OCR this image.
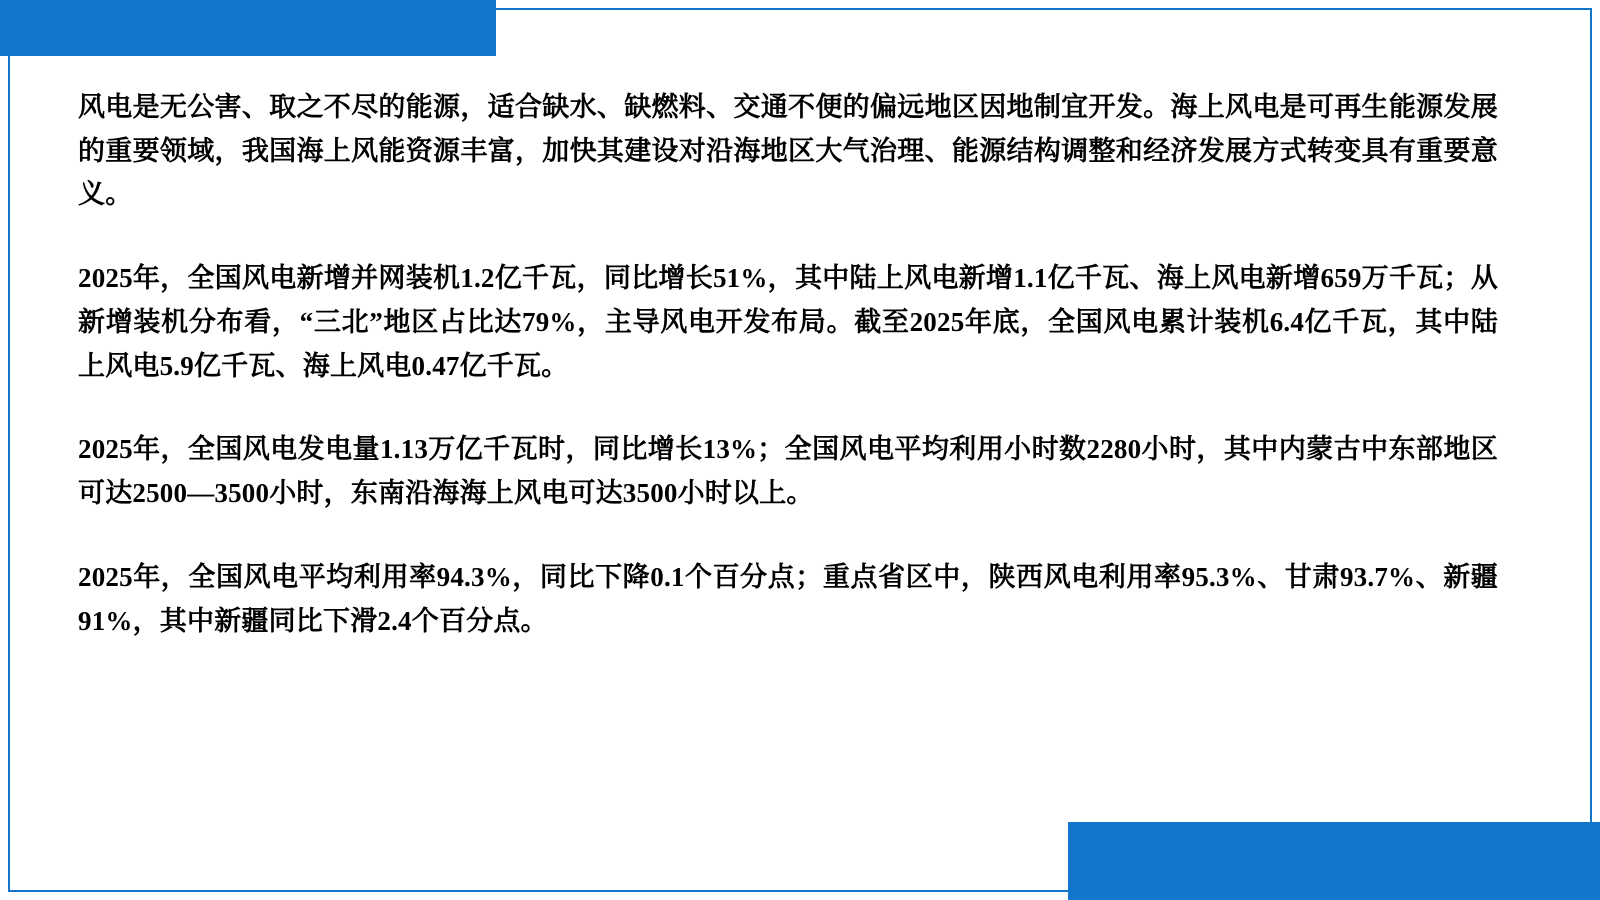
风电是无公害、取之不尽的能源，适合缺水、缺燃料、交通不便的偏远地区因地制宜开发。海上风电是可再生能源发展的重要领域，我国海上风能资源丰富，加快其建设对沿海地区大气治理、能源结构调整和经济发展方式转变具有重要意义。

2025年，全国风电新增并网装机1.2亿千瓦，同比增长51%，其中陆上风电新增1.1亿千瓦、海上风电新增659万千瓦；从新增装机分布看，“三北”地区占比达79%，主导风电开发布局。截至2025年底，全国风电累计装机6.4亿千瓦，其中陆上风电5.9亿千瓦、海上风电0.47亿千瓦。

2025年，全国风电发电量1.13万亿千瓦时，同比增长13%；全国风电平均利用小时数2280小时，其中内蒙古中东部地区可达2500—3500小时，东南沿海海上风电可达3500小时以上。

2025年，全国风电平均利用率94.3%，同比下降0.1个百分点；重点省区中，陕西风电利用率95.3%、甘肃93.7%、新疆91%，其中新疆同比下滑2.4个百分点。
